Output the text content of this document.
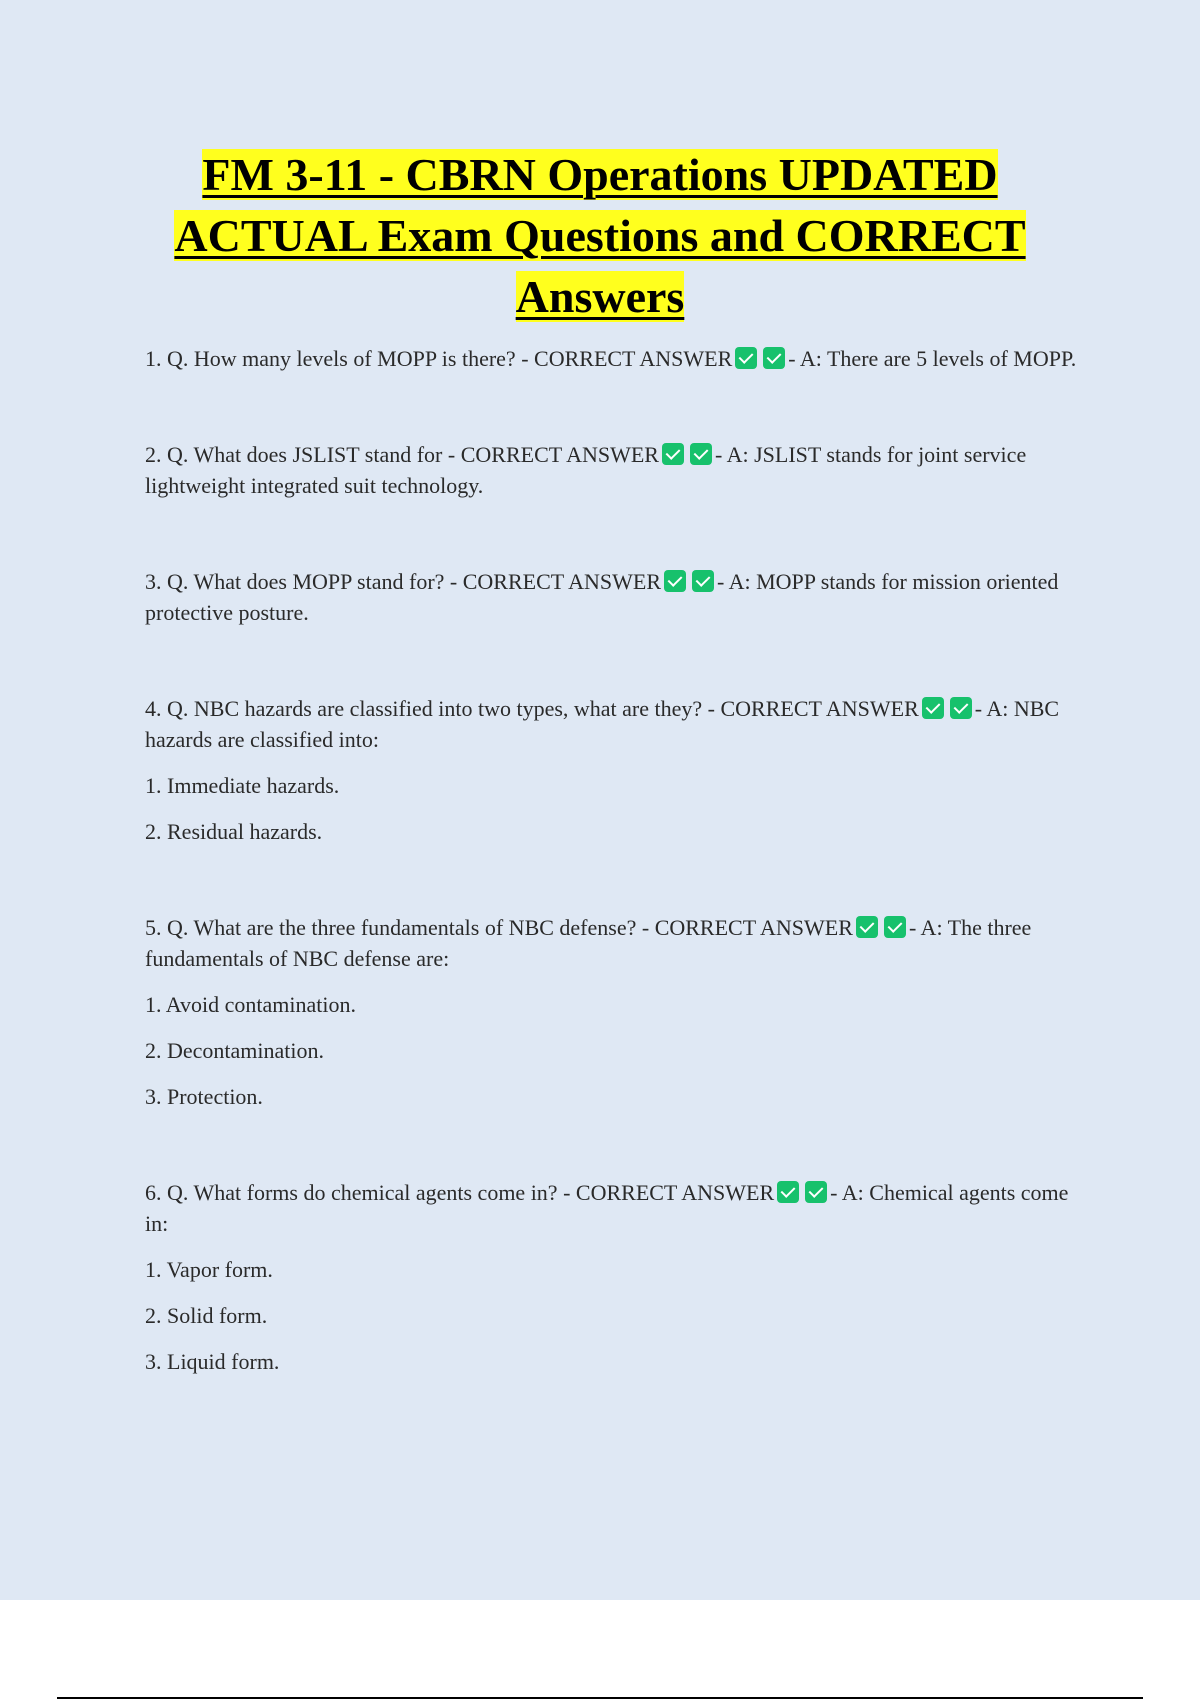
FM 3-11 - CBRN Operations UPDATED
ACTUAL Exam Questions and CORRECT
Answers
1. Q. How many levels of MOPP is there? - CORRECT ANSWER	- A: There are 5 levels of MOPP.
2. Q. What does JSLIST stand for - CORRECT ANSWER	- A: JSLIST stands for joint service lightweight integrated suit technology.
3. Q. What does MOPP stand for? - CORRECT ANSWER	- A: MOPP stands for mission oriented protective posture.
4. Q. NBC hazards are classified into two types, what are they? - CORRECT ANSWER	- A: NBC hazards are classified into:
1. Immediate hazards.
2. Residual hazards.
5. Q. What are the three fundamentals of NBC defense? - CORRECT ANSWER	- A: The three fundamentals of NBC defense are:
1. Avoid contamination.
2. Decontamination.
3. Protection.
6. Q. What forms do chemical agents come in? - CORRECT ANSWER	- A: Chemical agents come in:
1. Vapor form.
2. Solid form.
3. Liquid form.
